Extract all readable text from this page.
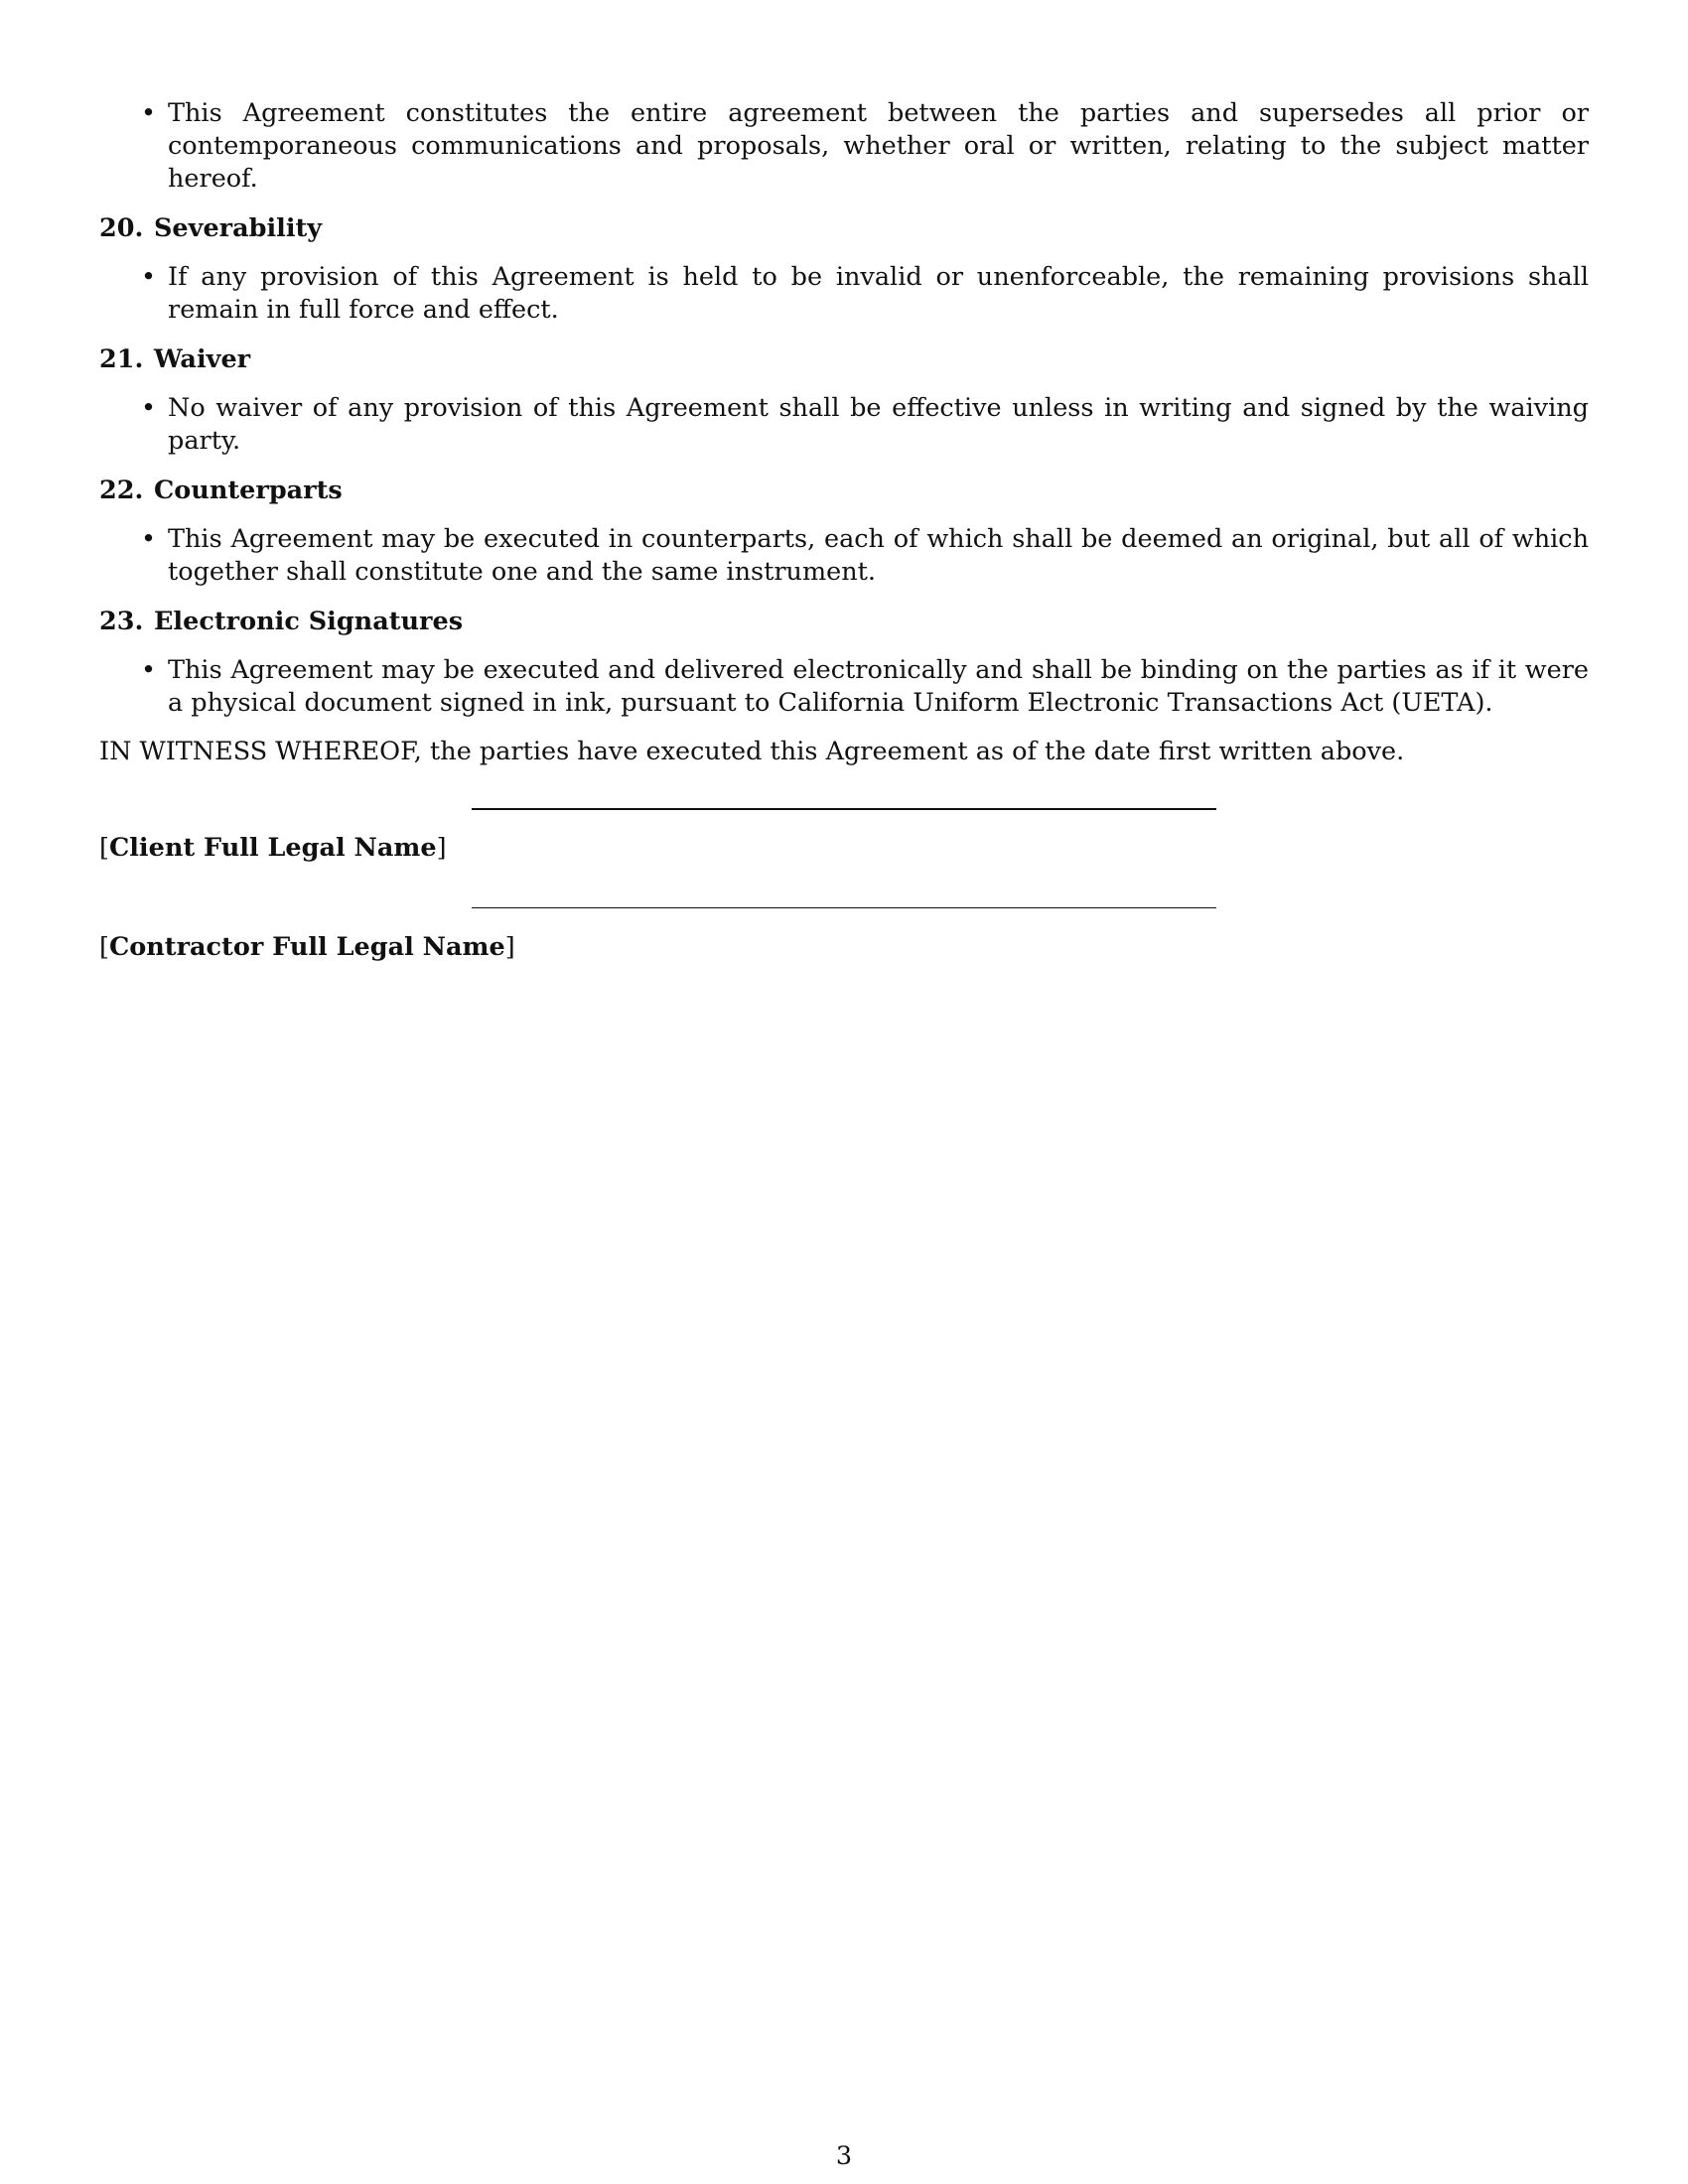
• This Agreement constitutes the entire agreement between the parties and supersedes all prior or contemporaneous communications and proposals, whether oral or written, relating to the subject matter hereof.

20. Severability

• If any provision of this Agreement is held to be invalid or unenforceable, the remaining provisions shall remain in full force and effect.

21. Waiver

• No waiver of any provision of this Agreement shall be effective unless in writing and signed by the waiving party.

22. Counterparts

• This Agreement may be executed in counterparts, each of which shall be deemed an original, but all of which together shall constitute one and the same instrument.

23. Electronic Signatures

• This Agreement may be executed and delivered electronically and shall be binding on the parties as if it were a physical document signed in ink, pursuant to California Uniform Electronic Transactions Act (UETA).

IN WITNESS WHEREOF, the parties have executed this Agreement as of the date first written above.

[Client Full Legal Name]
[Contractor Full Legal Name]
3
